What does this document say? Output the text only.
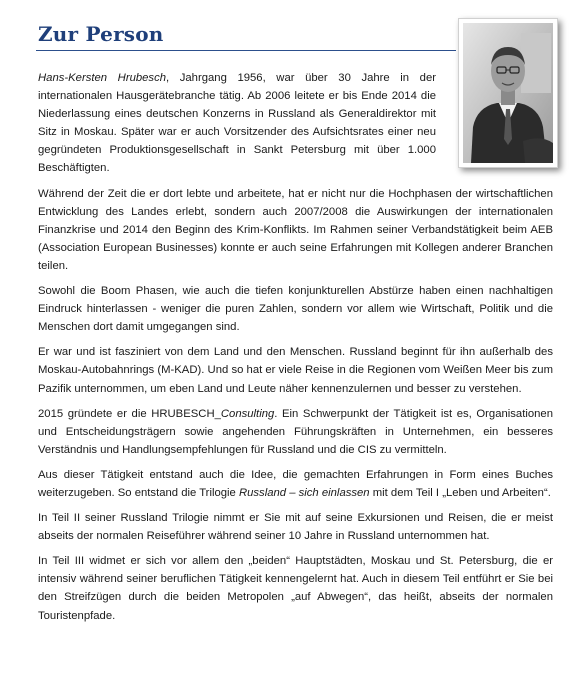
Zur Person

Hans-Kersten Hrubesch, Jahrgang 1956, war über 30 Jahre in der internationalen Hausgerätebranche tätig. Ab 2006 leitete er bis Ende 2014 die Niederlassung eines deutschen Konzerns in Russland als Generaldirektor mit Sitz in Moskau. Später war er auch Vorsitzender des Aufsichtsrates einer neu gegründeten Produktionsgesellschaft in Sankt Petersburg mit über 1.000 Beschäftigten.

Während der Zeit die er dort lebte und arbeitete, hat er nicht nur die Hochphasen der wirtschaftlichen Entwicklung des Landes erlebt, sondern auch 2007/2008 die Auswirkungen der internationalen Finanzkrise und 2014 den Beginn des Krim-Konflikts. Im Rahmen seiner Verbandstätigkeit beim AEB (Association European Businesses) konnte er auch seine Erfahrungen mit Kollegen anderer Branchen teilen.

Sowohl die Boom Phasen, wie auch die tiefen konjunkturellen Abstürze haben einen nachhaltigen Eindruck hinterlassen - weniger die puren Zahlen, sondern vor allem wie Wirtschaft, Politik und die Menschen dort damit umgegangen sind.

Er war und ist fasziniert von dem Land und den Menschen. Russland beginnt für ihn außerhalb des Moskau-Autobahnrings (M-KAD). Und so hat er viele Reise in die Regionen vom Weißen Meer bis zum Pazifik unternommen, um eben Land und Leute näher kennenzulernen und besser zu verstehen.

2015 gründete er die HRUBESCH_Consulting. Ein Schwerpunkt der Tätigkeit ist es, Organisationen und Entscheidungsträgern sowie angehenden Führungskräften in Unternehmen, ein besseres Verständnis und Handlungsempfehlungen für Russland und die CIS zu vermitteln.

Aus dieser Tätigkeit entstand auch die Idee, die gemachten Erfahrungen in Form eines Buches weiterzugeben. So entstand die Trilogie Russland – sich einlassen mit dem Teil I „Leben und Arbeiten“.

In Teil II seiner Russland Trilogie nimmt er Sie mit auf seine Exkursionen und Reisen, die er meist abseits der normalen Reiseführer während seiner 10 Jahre in Russland unternommen hat.

In Teil III widmet er sich vor allem den „beiden“ Hauptstädten, Moskau und St. Petersburg, die er intensiv während seiner beruflichen Tätigkeit kennengelernt hat. Auch in diesem Teil entführt er Sie bei den Streifzügen durch die beiden Metropolen „auf Abwegen“, das heißt, abseits der normalen Touristenpfade.
